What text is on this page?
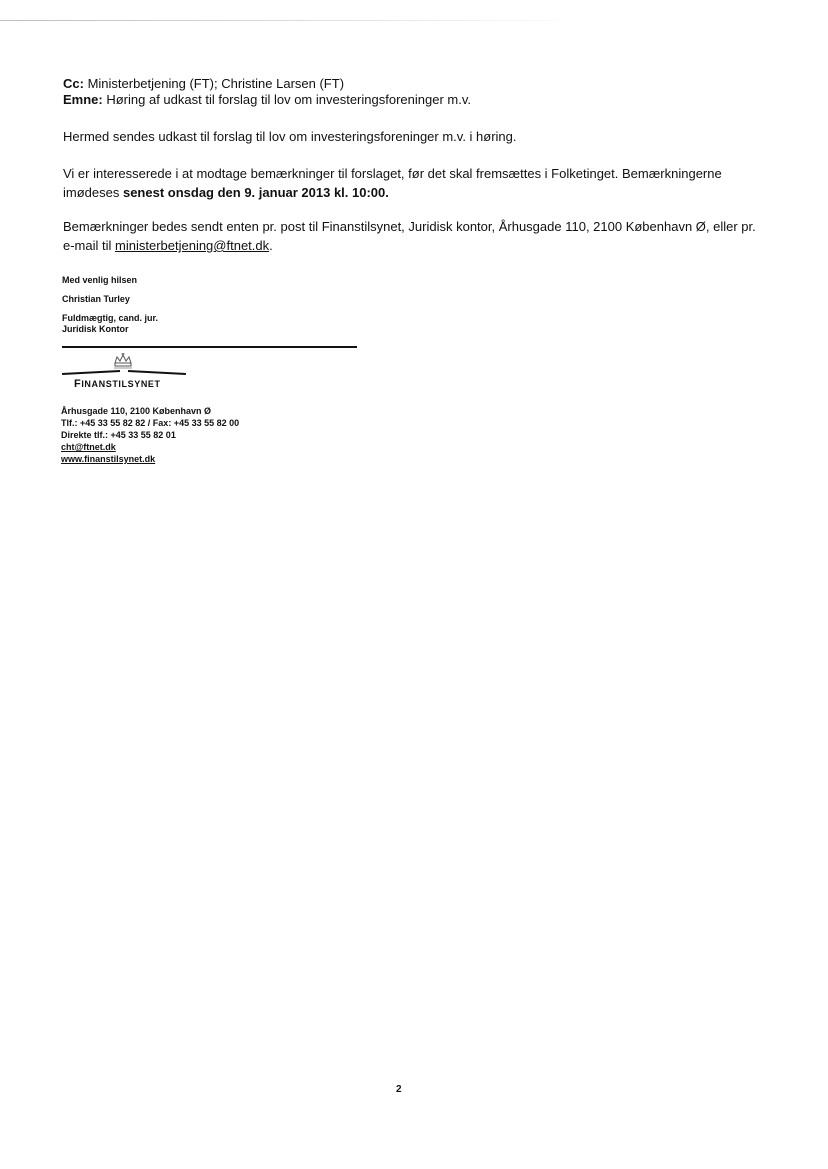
Cc: Ministerbetjening (FT); Christine Larsen (FT)
Emne: Høring af udkast til forslag til lov om investeringsforeninger m.v.

Hermed sendes udkast til forslag til lov om investeringsforeninger m.v. i høring.

Vi er interesserede i at modtage bemærkninger til forslaget, før det skal fremsættes i Folketinget. Bemærkningerne imødeses senest onsdag den 9. januar 2013 kl. 10:00.

Bemærkninger bedes sendt enten pr. post til Finanstilsynet, Juridisk kontor, Århusgade 110, 2100 København Ø, eller pr. e-mail til ministerbetjening@ftnet.dk.

Med venlig hilsen
Christian Turley
Fuldmægtig, cand. jur.
Juridisk Kontor
FINANSTILSYNET
Århusgade 110, 2100 København Ø
Tlf.: +45 33 55 82 82 / Fax: +45 33 55 82 00
Direkte tlf.: +45 33 55 82 01
cht@ftnet.dk
www.finanstilsynet.dk
2
